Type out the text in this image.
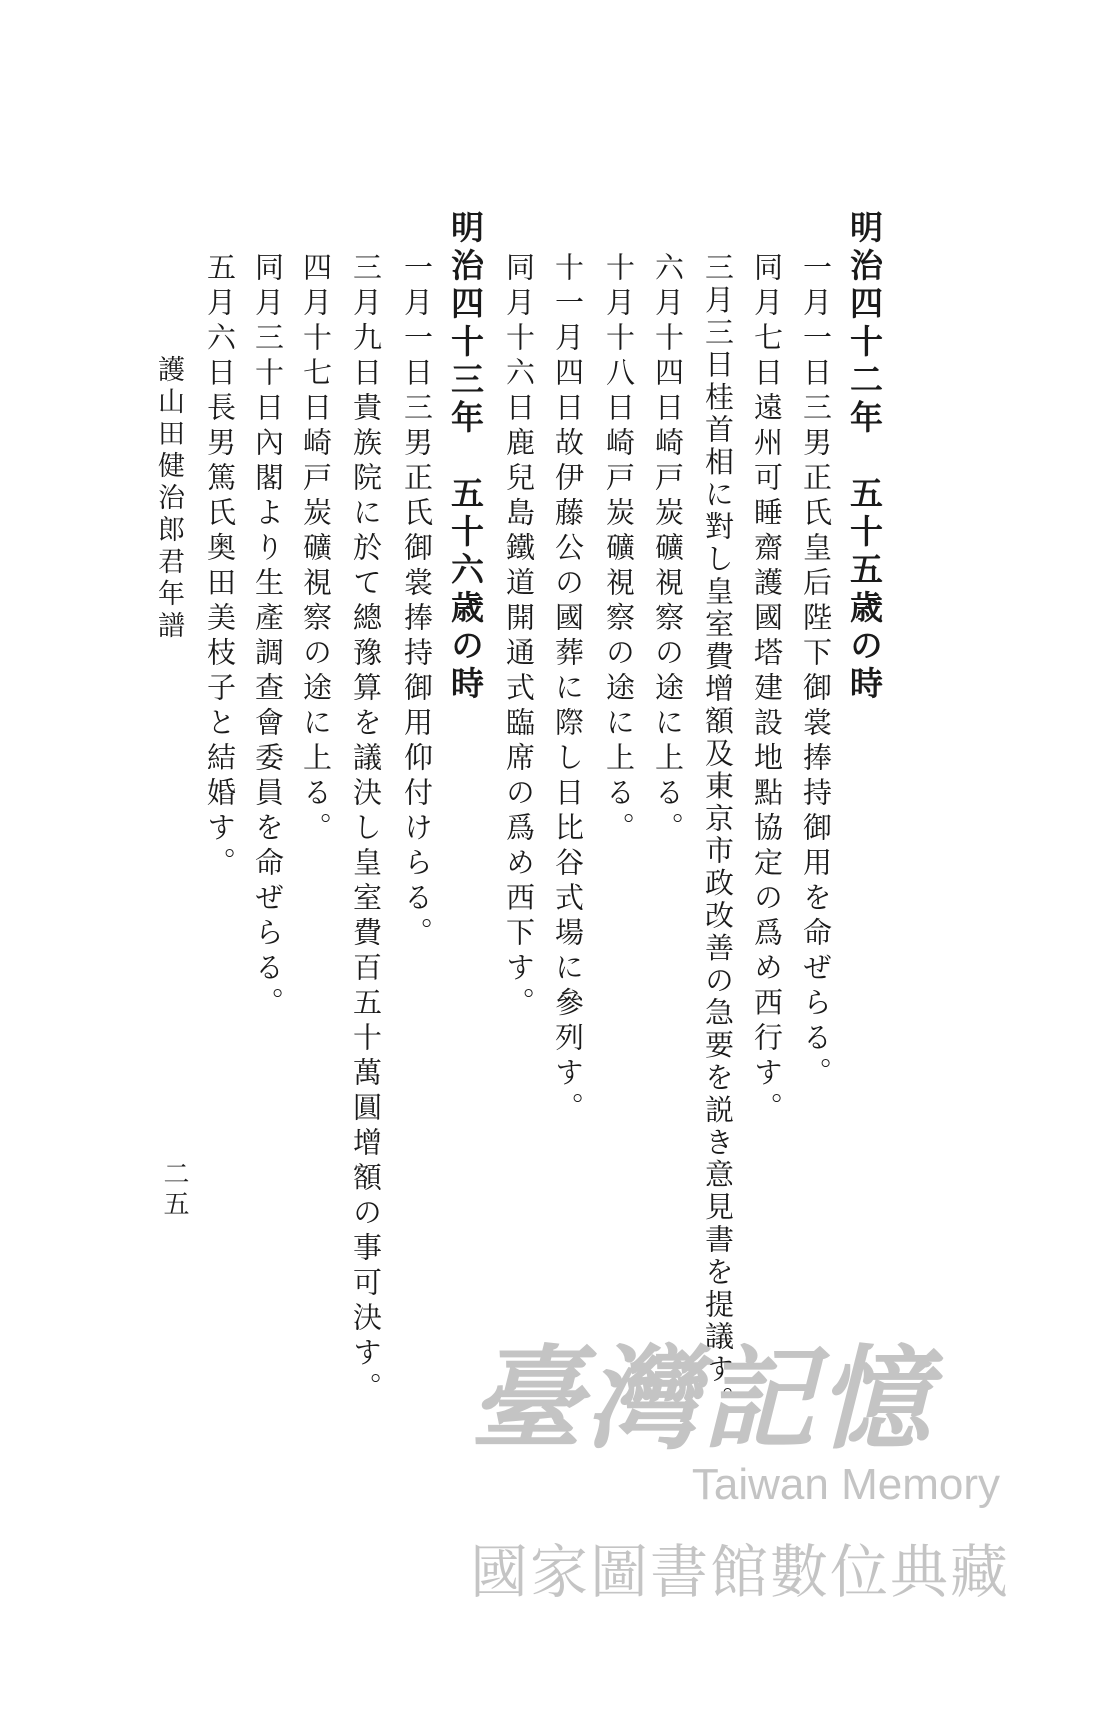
明治四十二年　五十五歳の時
一月一日三男正氏皇后陛下御裳捧持御用を命ぜらる。
同月七日遠州可睡齋護國塔建設地點協定の爲め西行す。
三月三日桂首相に對し皇室費增額及東京市政改善の急要を説き意見書を提議す。
六月十四日崎戸炭礦視察の途に上る。
十月十八日崎戸炭礦視察の途に上る。
十一月四日故伊藤公の國葬に際し日比谷式場に參列す。
同月十六日鹿兒島鐵道開通式臨席の爲め西下す。
明治四十三年　五十六歳の時
一月一日三男正氏御裳捧持御用仰付けらる。
三月九日貴族院に於て總豫算を議決し皇室費百五十萬圓增額の事可決す。
四月十七日崎戸炭礦視察の途に上る。
同月三十日內閣より生產調查會委員を命ぜらる。
五月六日長男篤氏奥田美枝子と結婚す。
護山田健治郎君年譜
二五
臺灣記憶
Taiwan Memory
國家圖書館數位典藏
